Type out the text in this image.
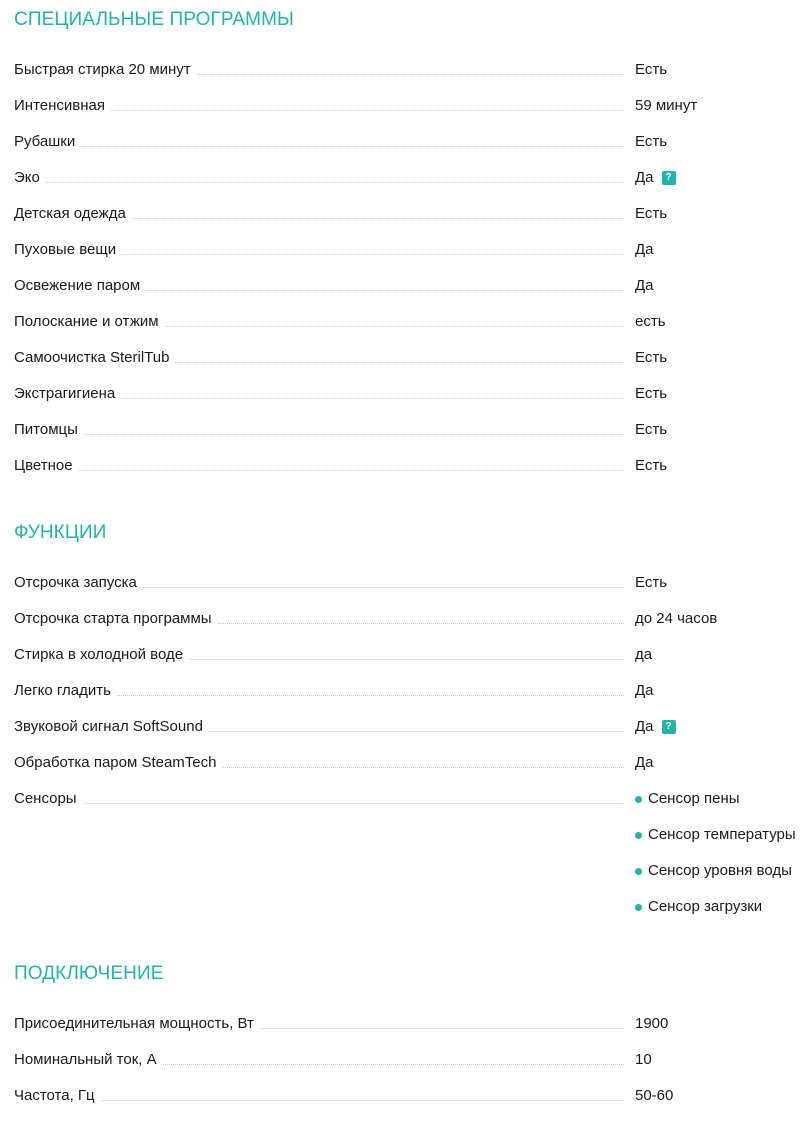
СПЕЦИАЛЬНЫЕ ПРОГРАММЫ
Быстрая стирка 20 минут	Есть
Интенсивная	59 минут
Рубашки	Есть
Эко	Да	?
Детская одежда	Есть
Пуховые вещи	Да
Освежение паром	Да
Полоскание и отжим	есть
Самоочистка SterilTub	Есть
Экстрагигиена	Есть
Питомцы	Есть
Цветное	Есть
ФУНКЦИИ
Отсрочка запуска	Есть
Отсрочка старта программы	до 24 часов
Стирка в холодной воде	да
Легко гладить	Да
Звуковой сигнал SoftSound	Да	?
Обработка паром SteamTech	Да
Сенсоры	Сенсор пены
Сенсор температуры
Сенсор уровня воды
Сенсор загрузки
ПОДКЛЮЧЕНИЕ
Присоединительная мощность, Вт	1900
Номинальный ток, А	10
Частота, Гц	50-60
